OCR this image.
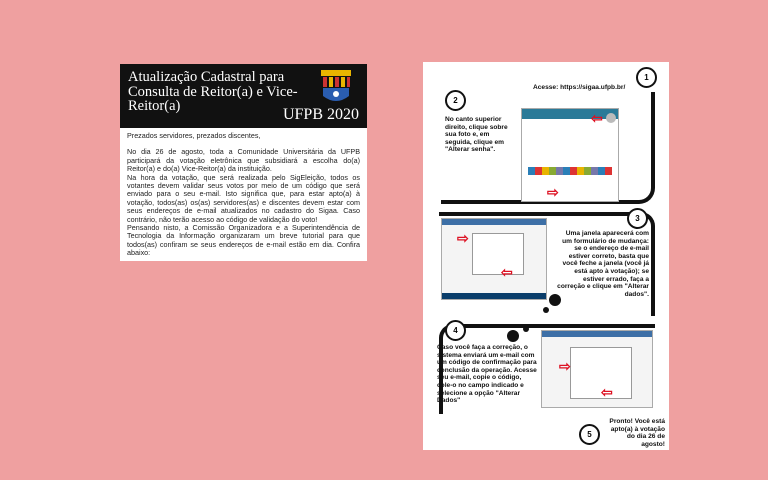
Atualização Cadastral para Consulta de Reitor(a) e Vice-Reitor(a)	UFPB 2020

Prezados servidores, prezados discentes,

No dia 26 de agosto, toda a Comunidade Universitária da UFPB participará da votação eletrônica que subsidiará a escolha do(a) Reitor(a) e do(a) Vice-Reitor(a) da instituição.

Na hora da votação, que será realizada pelo SigEleição, todos os votantes devem validar seus votos por meio de um código que será enviado para o seu e-mail. Isto significa que, para estar apto(a) à votação, todos(as) os(as) servidores(as) e discentes devem estar com seus endereços de e-mail atualizados no cadastro do Sigaa. Caso contrário, não terão acesso ao código de validação do voto!

Pensando nisto, a Comissão Organizadora e a Superintendência de Tecnologia da Informação organizaram um breve tutorial para que todos(as) confiram se seus endereços de e-mail estão em dia. Confira abaixo:

1
Acesse: https://sigaa.ufpb.br/
2
No canto superior direito, clique sobre sua foto e, em seguida, clique em "Alterar senha".
⇦
⇨
3
⇨
⇦
Uma janela aparecerá com um formulário de mudança: se o endereço de e-mail estiver correto, basta que você feche a janela (você já está apto à votação); se estiver errado, faça a correção e clique em "Alterar dados".
4
Caso você faça a correção, o sistema enviará um e-mail com um código de confirmação para conclusão da operação. Acesse seu e-mail, copie o código, cole-o no campo indicado e selecione a opção "Alterar Dados"
⇨
⇦
5
Pronto! Você está apto(a) à votação do dia 26 de agosto!
